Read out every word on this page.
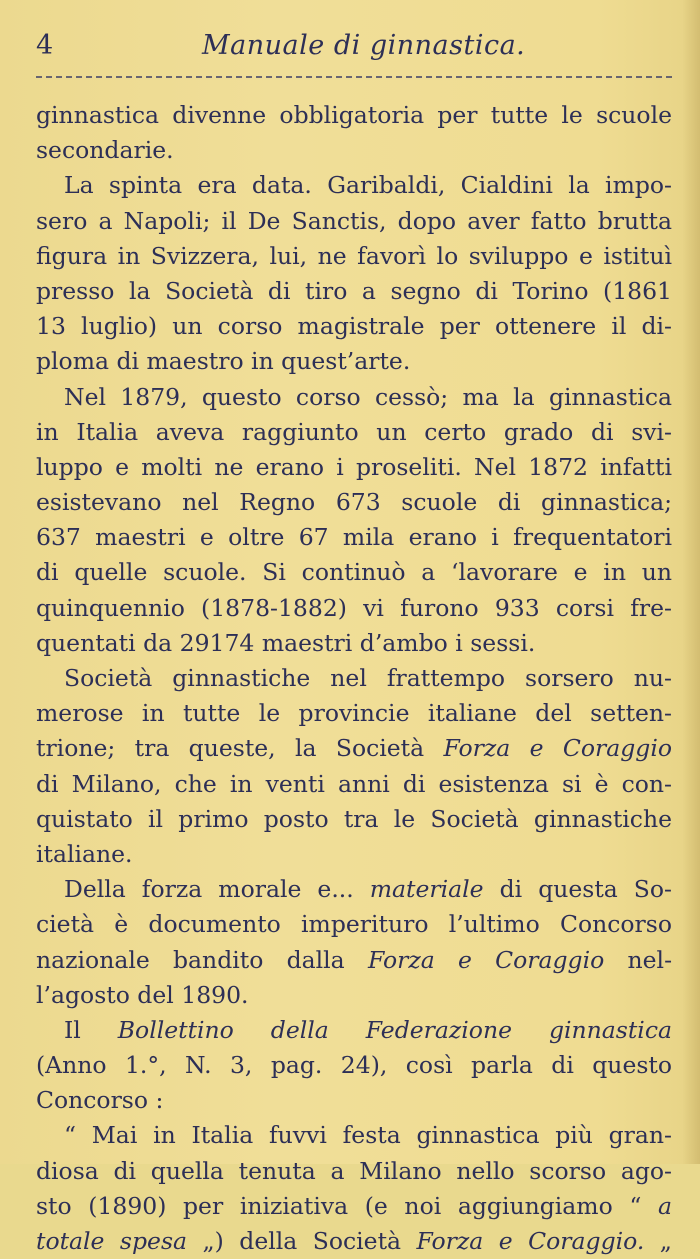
4	Manuale di ginnastica.
ginnastica divenne obbligatoria per tutte le scuole
secondarie.
La spinta era data. Garibaldi, Cialdini la impo-
sero a Napoli; il De Sanctis, dopo aver fatto brutta
figura in Svizzera, lui, ne favorì lo sviluppo e istituì
presso la Società di tiro a segno di Torino (1861
13 luglio) un corso magistrale per ottenere il di-
ploma di maestro in quest’arte.
Nel 1879, questo corso cessò; ma la ginnastica
in Italia aveva raggiunto un certo grado di svi-
luppo e molti ne erano i proseliti. Nel 1872 infatti
esistevano nel Regno 673 scuole di ginnastica;
637 maestri e oltre 67 mila erano i frequentatori
di quelle scuole. Si continuò a ‘lavorare e in un
quinquennio (1878-1882) vi furono 933 corsi fre-
quentati da 29174 maestri d’ambo i sessi.
Società ginnastiche nel frattempo sorsero nu-
merose in tutte le provincie italiane del setten-
trione; tra queste, la Società Forza e Coraggio
di Milano, che in venti anni di esistenza si è con-
quistato il primo posto tra le Società ginnastiche
italiane.
Della forza morale e... materiale di questa So-
cietà è documento imperituro l’ultimo Concorso
nazionale bandito dalla Forza e Coraggio nel-
l’agosto del 1890.
Il Bollettino della Federazione ginnastica
(Anno 1.°, N. 3, pag. 24), così parla di questo
Concorso :
“ Mai in Italia fuvvi festa ginnastica più gran-
diosa di quella tenuta a Milano nello scorso ago-
sto (1890) per iniziativa (e noi aggiungiamo “ a
totale spesa „) della Società Forza e Coraggio. „
